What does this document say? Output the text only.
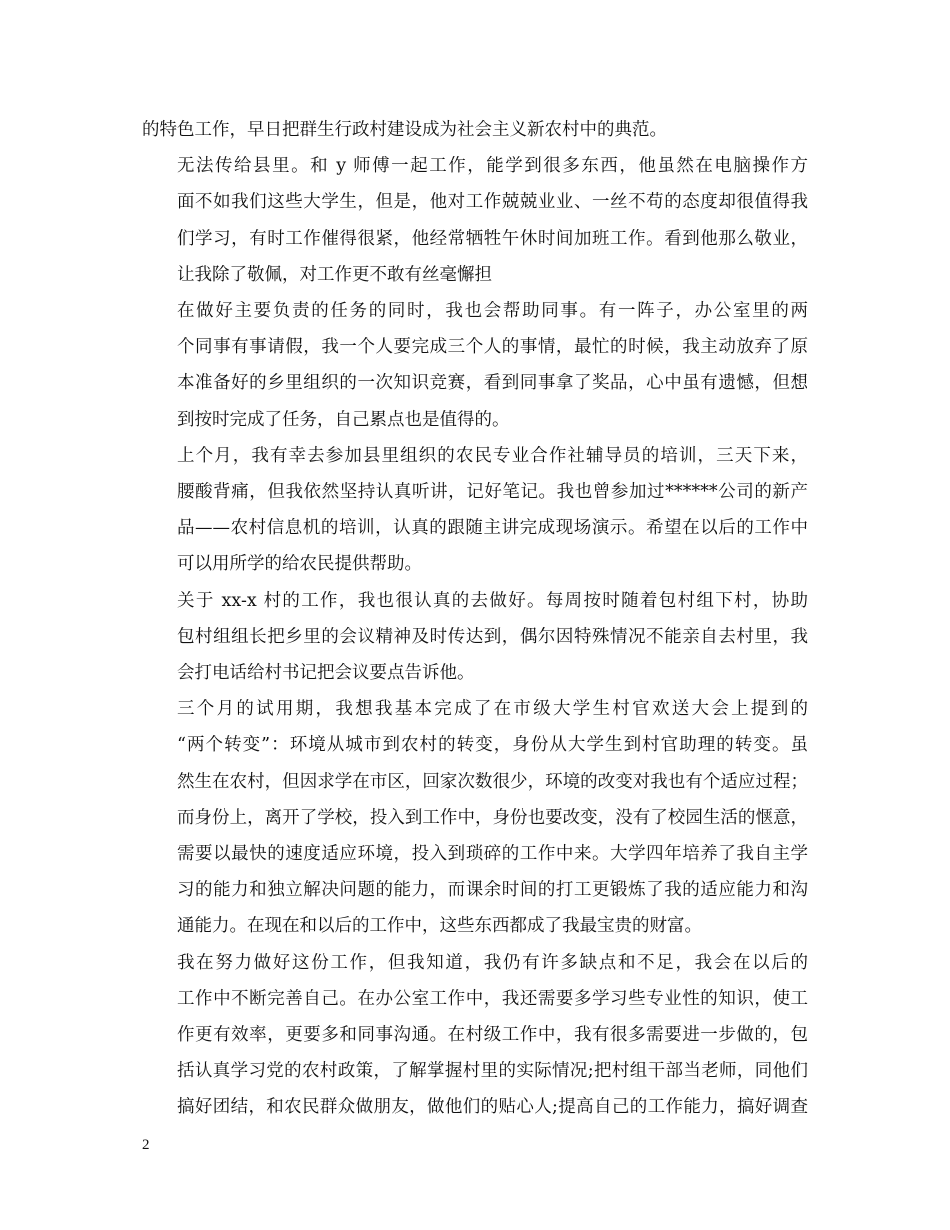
的特色工作，早日把群生行政村建设成为社会主义新农村中的典范。
无法传给县里。和 y 师傅一起工作，能学到很多东西，他虽然在电脑操作方
面不如我们这些大学生，但是，他对工作兢兢业业、一丝不苟的态度却很值得我
们学习，有时工作催得很紧，他经常牺牲午休时间加班工作。看到他那么敬业，
让我除了敬佩，对工作更不敢有丝毫懈担
在做好主要负责的任务的同时，我也会帮助同事。有一阵子，办公室里的两
个同事有事请假，我一个人要完成三个人的事情，最忙的时候，我主动放弃了原
本准备好的乡里组织的一次知识竞赛，看到同事拿了奖品，心中虽有遗憾，但想
到按时完成了任务，自己累点也是值得的。
上个月，我有幸去参加县里组织的农民专业合作社辅导员的培训，三天下来，
腰酸背痛，但我依然坚持认真听讲，记好笔记。我也曾参加过******公司的新产
品——农村信息机的培训，认真的跟随主讲完成现场演示。希望在以后的工作中
可以用所学的给农民提供帮助。
关于 xx-x 村的工作，我也很认真的去做好。每周按时随着包村组下村，协助
包村组组长把乡里的会议精神及时传达到，偶尔因特殊情况不能亲自去村里，我
会打电话给村书记把会议要点告诉他。
三个月的试用期，我想我基本完成了在市级大学生村官欢送大会上提到的
“两个转变”：环境从城市到农村的转变，身份从大学生到村官助理的转变。虽
然生在农村，但因求学在市区，回家次数很少，环境的改变对我也有个适应过程；
而身份上，离开了学校，投入到工作中，身份也要改变，没有了校园生活的惬意，
需要以最快的速度适应环境，投入到琐碎的工作中来。大学四年培养了我自主学
习的能力和独立解决问题的能力，而课余时间的打工更锻炼了我的适应能力和沟
通能力。在现在和以后的工作中，这些东西都成了我最宝贵的财富。
我在努力做好这份工作，但我知道，我仍有许多缺点和不足，我会在以后的
工作中不断完善自己。在办公室工作中，我还需要多学习些专业性的知识，使工
作更有效率，更要多和同事沟通。在村级工作中，我有很多需要进一步做的，包
括认真学习党的农村政策，了解掌握村里的实际情况;把村组干部当老师，同他们
搞好团结，和农民群众做朋友，做他们的贴心人;提高自己的工作能力，搞好调查
2
